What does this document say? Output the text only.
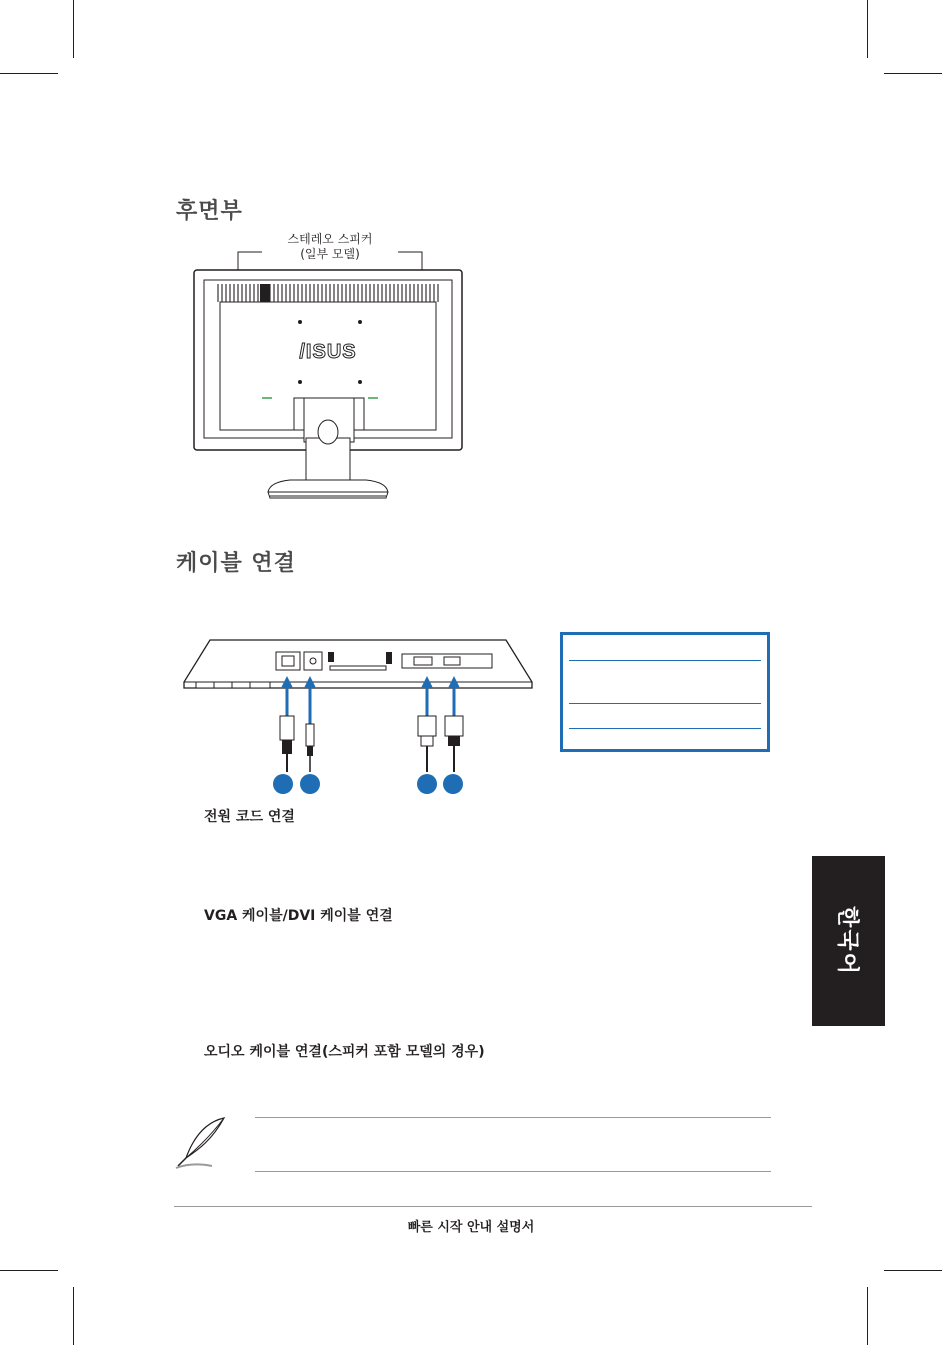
후면부
스테레오 스피커
(일부 모델)
/ISUS
케이블 연결
전원 코드 연결
VGA 케이블/DVI 케이블 연결
오디오 케이블 연결(스피커 포함 모델의 경우)
한국어
빠른 시작 안내 설명서
